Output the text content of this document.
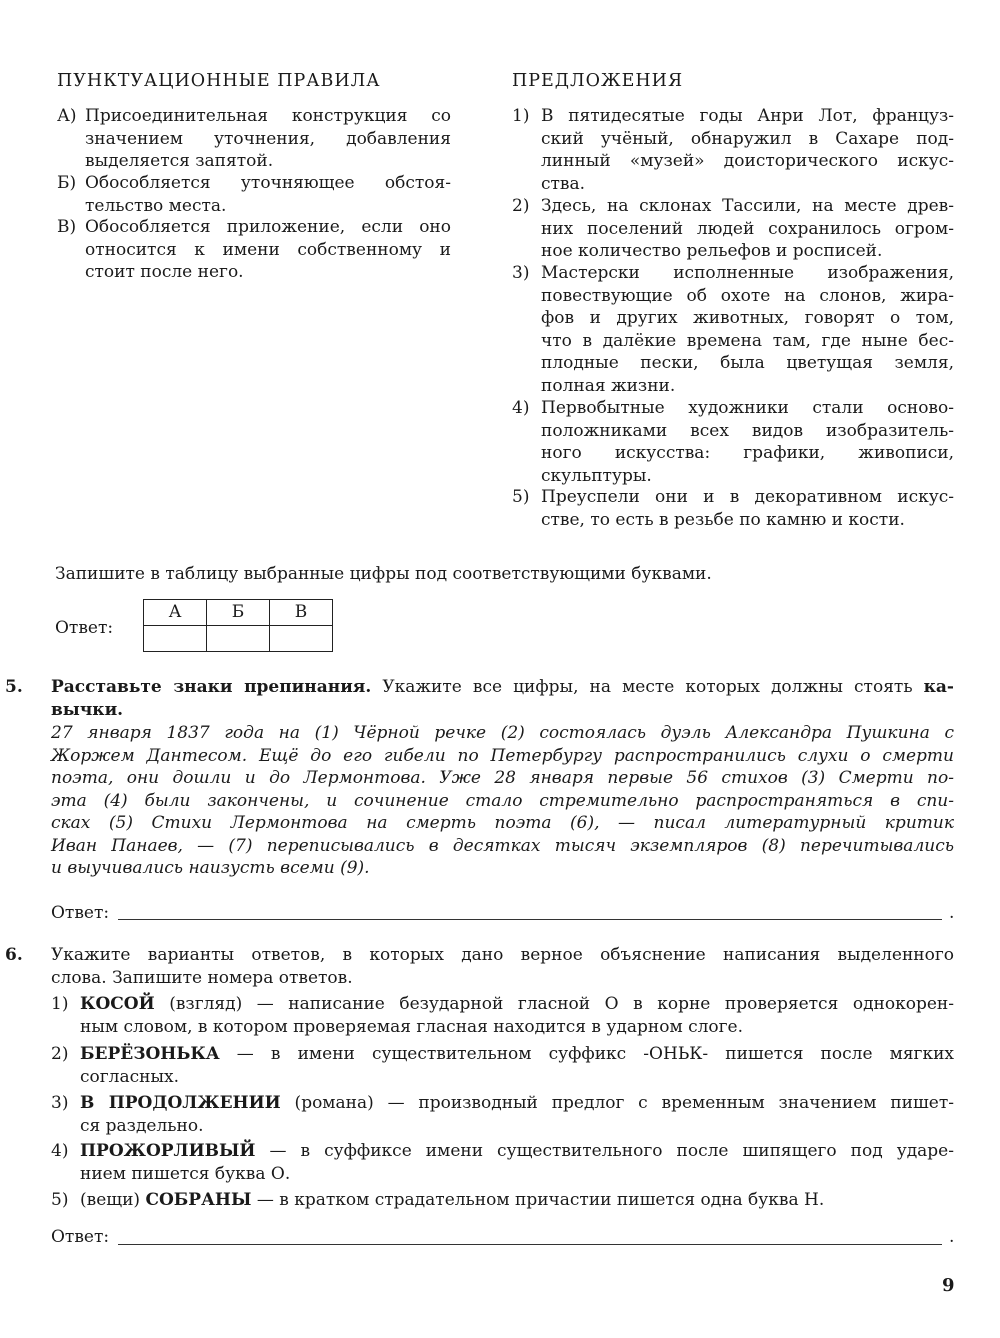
ПУНКТУАЦИОННЫЕ ПРАВИЛА
А) Присоединительная конструкция со
значением уточнения, добавления
выделяется запятой.
Б) Обособляется уточняющее обстоя-
тельство места.
В) Обособляется приложение, если оно
относится к имени собственному и
стоит после него.
ПРЕДЛОЖЕНИЯ
1) В пятидесятые годы Анри Лот, француз-
ский учёный, обнаружил в Сахаре под-
линный «музей» доисторического искус-
ства.
2) Здесь, на склонах Тассили, на месте древ-
них поселений людей сохранилось огром-
ное количество рельефов и росписей.
3) Мастерски исполненные изображения,
повествующие об охоте на слонов, жира-
фов и других животных, говорят о том,
что в далёкие времена там, где ныне бес-
плодные пески, была цветущая земля,
полная жизни.
4) Первобытные художники стали осново-
положниками всех видов изобразитель-
ного искусства: графики, живописи,
скульптуры.
5) Преуспели они и в декоративном искус-
стве, то есть в резьбе по камню и кости.
Запишите в таблицу выбранные цифры под соответствующими буквами.
Ответ:
А	Б	В

5. Расставьте знаки препинания. Укажите все цифры, на месте которых должны стоять ка-
вычки.
27 января 1837 года на (1) Чёрной речке (2) состоялась дуэль Александра Пушкина с
Жоржем Дантесом. Ещё до его гибели по Петербургу распространились слухи о смерти
поэта, они дошли и до Лермонтова. Уже 28 января первые 56 стихов (3) Смерти по-
эта (4) были закончены, и сочинение стало стремительно распространяться в спи-
сках (5) Стихи Лермонтова на смерть поэта (6), — писал литературный критик
Иван Панаев, — (7) переписывались в десятках тысяч экземпляров (8) перечитывались
и выучивались наизусть всеми (9).
Ответ:	.
6. Укажите варианты ответов, в которых дано верное объяснение написания выделенного
слова. Запишите номера ответов.
1) КОСОЙ (взгляд) — написание безударной гласной О в корне проверяется однокорен-
ным словом, в котором проверяемая гласная находится в ударном слоге.
2) БЕРЁЗОНЬКА — в имени существительном суффикс -ОНЬК- пишется после мягких
согласных.
3) В ПРОДОЛЖЕНИИ (романа) — производный предлог с временным значением пишет-
ся раздельно.
4) ПРОЖОРЛИВЫЙ — в суффиксе имени существительного после шипящего под ударе-
нием пишется буква О.
5) (вещи) СОБРАНЫ — в кратком страдательном причастии пишется одна буква Н.
Ответ:	.
9
